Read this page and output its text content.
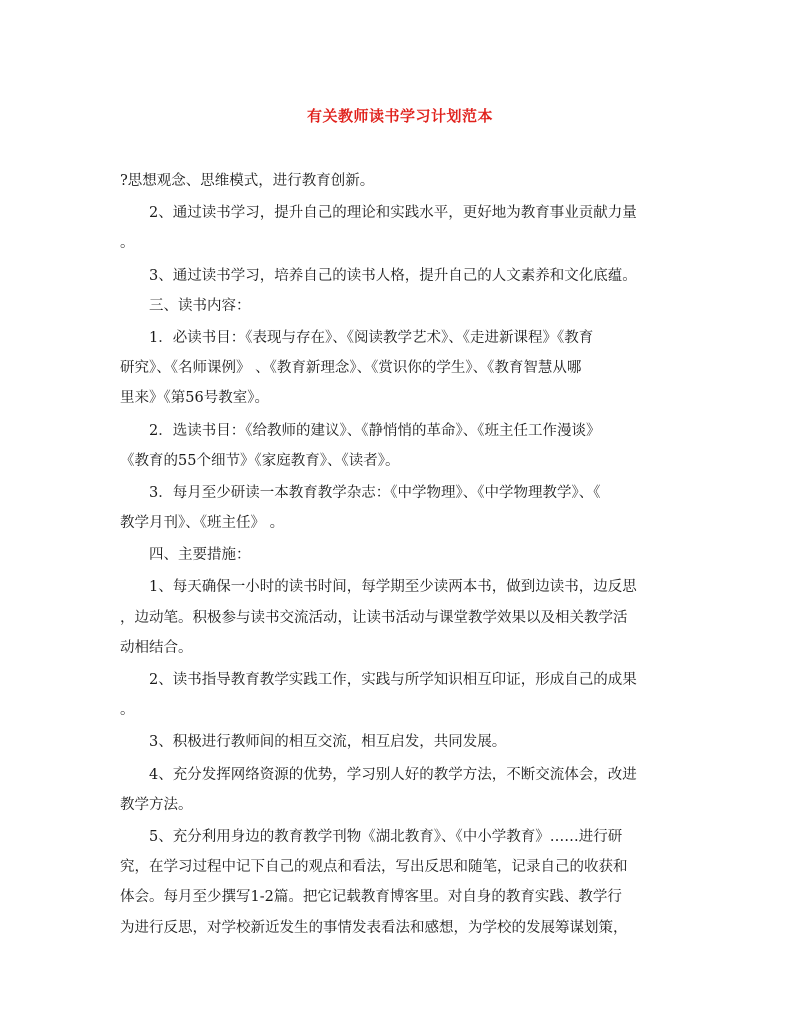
有关教师读书学习计划范本
?思想观念、思维模式，进行教育创新。
2、通过读书学习，提升自己的理论和实践水平，更好地为教育事业贡献力量
。
3、通过读书学习，培养自己的读书人格，提升自己的人文素养和文化底蕴。
三、读书内容：
1．必读书目：《表现与存在》、《阅读教学艺术》、《走进新课程》《教育
研究》、《名师课例》 、《教育新理念》、《赏识你的学生》、《教育智慧从哪
里来》《第56号教室》。
2．选读书目：《给教师的建议》、《静悄悄的革命》、《班主任工作漫谈》
《教育的55个细节》《家庭教育》、《读者》。
3．每月至少研读一本教育教学杂志：《中学物理》、《中学物理教学》、《
教学月刊》、《班主任》 。
四、主要措施：
1、每天确保一小时的读书时间，每学期至少读两本书，做到边读书，边反思
，边动笔。积极参与读书交流活动，让读书活动与课堂教学效果以及相关教学活
动相结合。
2、读书指导教育教学实践工作，实践与所学知识相互印证，形成自己的成果
。
3、积极进行教师间的相互交流，相互启发，共同发展。
4、充分发挥网络资源的优势，学习别人好的教学方法，不断交流体会，改进
教学方法。
5、充分利用身边的教育教学刊物《湖北教育》、《中小学教育》……进行研
究，在学习过程中记下自己的观点和看法，写出反思和随笔，记录自己的收获和
体会。每月至少撰写1-2篇。把它记载教育博客里。对自身的教育实践、教学行
为进行反思，对学校新近发生的事情发表看法和感想，为学校的发展筹谋划策，
